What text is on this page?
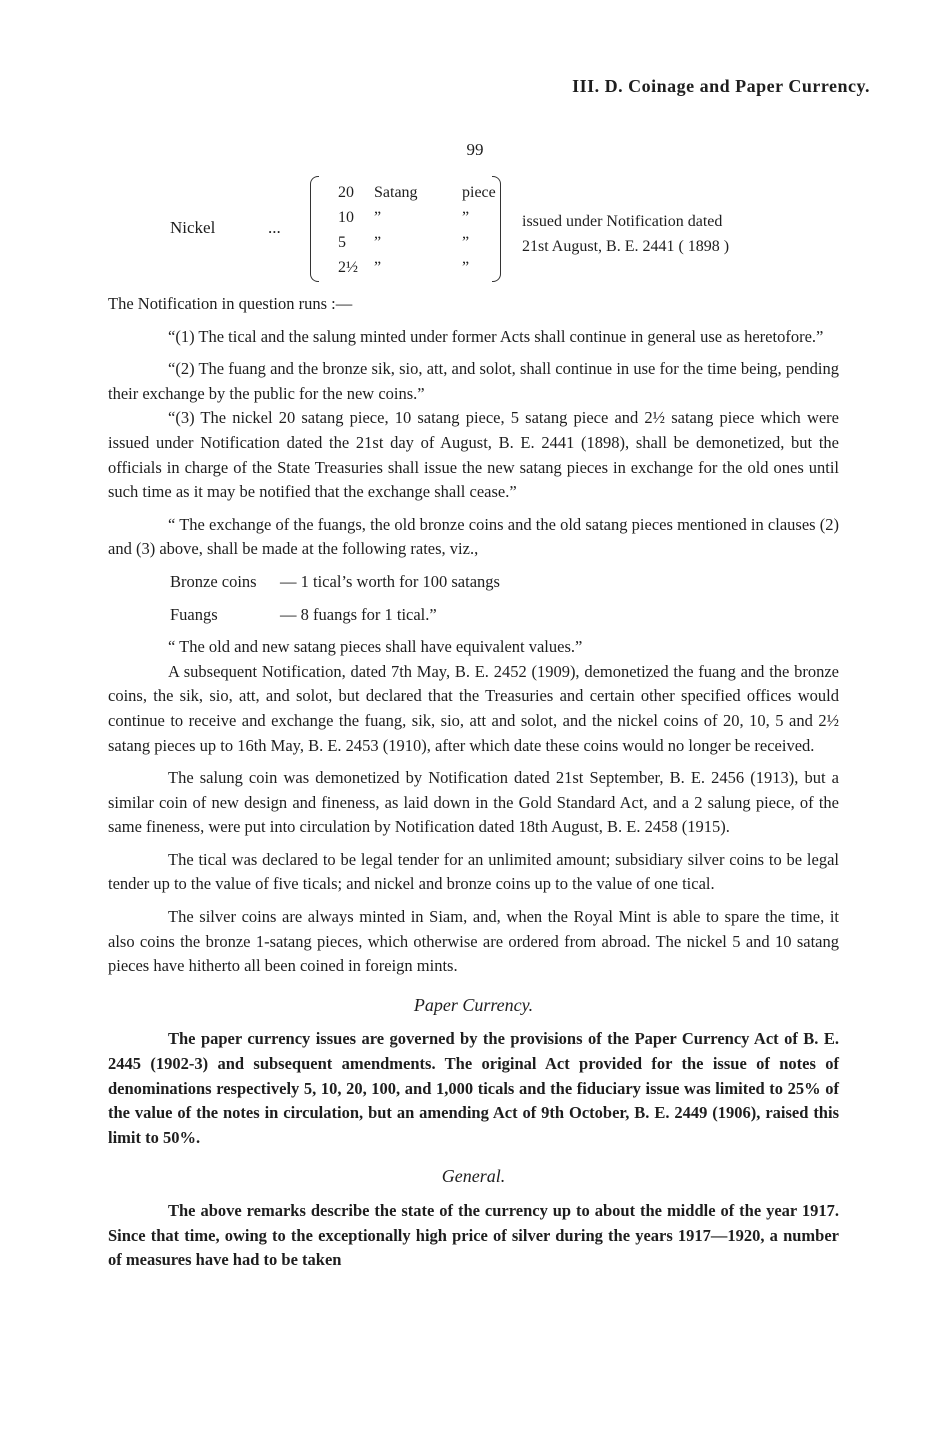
III. D. Coinage and Paper Currency.
99
Nickel	...
20	Satang	piece
10	”	”
5	”	”
2½	”	”
issued under Notification dated
21st August, B. E. 2441 ( 1898 )

The Notification in question runs :—

“(1) The tical and the salung minted under former Acts shall continue in general use as heretofore.”

“(2) The fuang and the bronze sik, sio, att, and solot, shall continue in use for the time being, pending their exchange by the public for the new coins.”

“(3) The nickel 20 satang piece, 10 satang piece, 5 satang piece and 2½ satang piece which were issued under Notification dated the 21st day of August, B. E. 2441 (1898), shall be demonetized, but the officials in charge of the State Treasuries shall issue the new satang pieces in exchange for the old ones until such time as it may be notified that the exchange shall cease.”

“ The exchange of the fuangs, the old bronze coins and the old satang pieces mentioned in clauses (2) and (3) above, shall be made at the following rates, viz.,

Bronze coins	— 1 tical’s worth for 100 satangs
Fuangs	— 8 fuangs for 1 tical.”

“ The old and new satang pieces shall have equivalent values.”

A subsequent Notification, dated 7th May, B. E. 2452 (1909), demonetized the fuang and the bronze coins, the sik, sio, att, and solot, but declared that the Treasuries and certain other specified offices would continue to receive and exchange the fuang, sik, sio, att and solot, and the nickel coins of 20, 10, 5 and 2½ satang pieces up to 16th May, B. E. 2453 (1910), after which date these coins would no longer be received.

The salung coin was demonetized by Notification dated 21st September, B. E. 2456 (1913), but a similar coin of new design and fineness, as laid down in the Gold Standard Act, and a 2 salung piece, of the same fineness, were put into circulation by Notification dated 18th August, B. E. 2458 (1915).

The tical was declared to be legal tender for an unlimited amount; subsidiary silver coins to be legal tender up to the value of five ticals; and nickel and bronze coins up to the value of one tical.

The silver coins are always minted in Siam, and, when the Royal Mint is able to spare the time, it also coins the bronze 1-satang pieces, which otherwise are ordered from abroad. The nickel 5 and 10 satang pieces have hitherto all been coined in foreign mints.

Paper Currency.

The paper currency issues are governed by the provisions of the Paper Currency Act of B. E. 2445 (1902-3) and subsequent amendments. The original Act provided for the issue of notes of denominations respectively 5, 10, 20, 100, and 1,000 ticals and the fiduciary issue was limited to 25% of the value of the notes in circulation, but an amending Act of 9th October, B. E. 2449 (1906), raised this limit to 50%.

General.

The above remarks describe the state of the currency up to about the middle of the year 1917. Since that time, owing to the exceptionally high price of silver during the years 1917—1920, a number of measures have had to be taken
